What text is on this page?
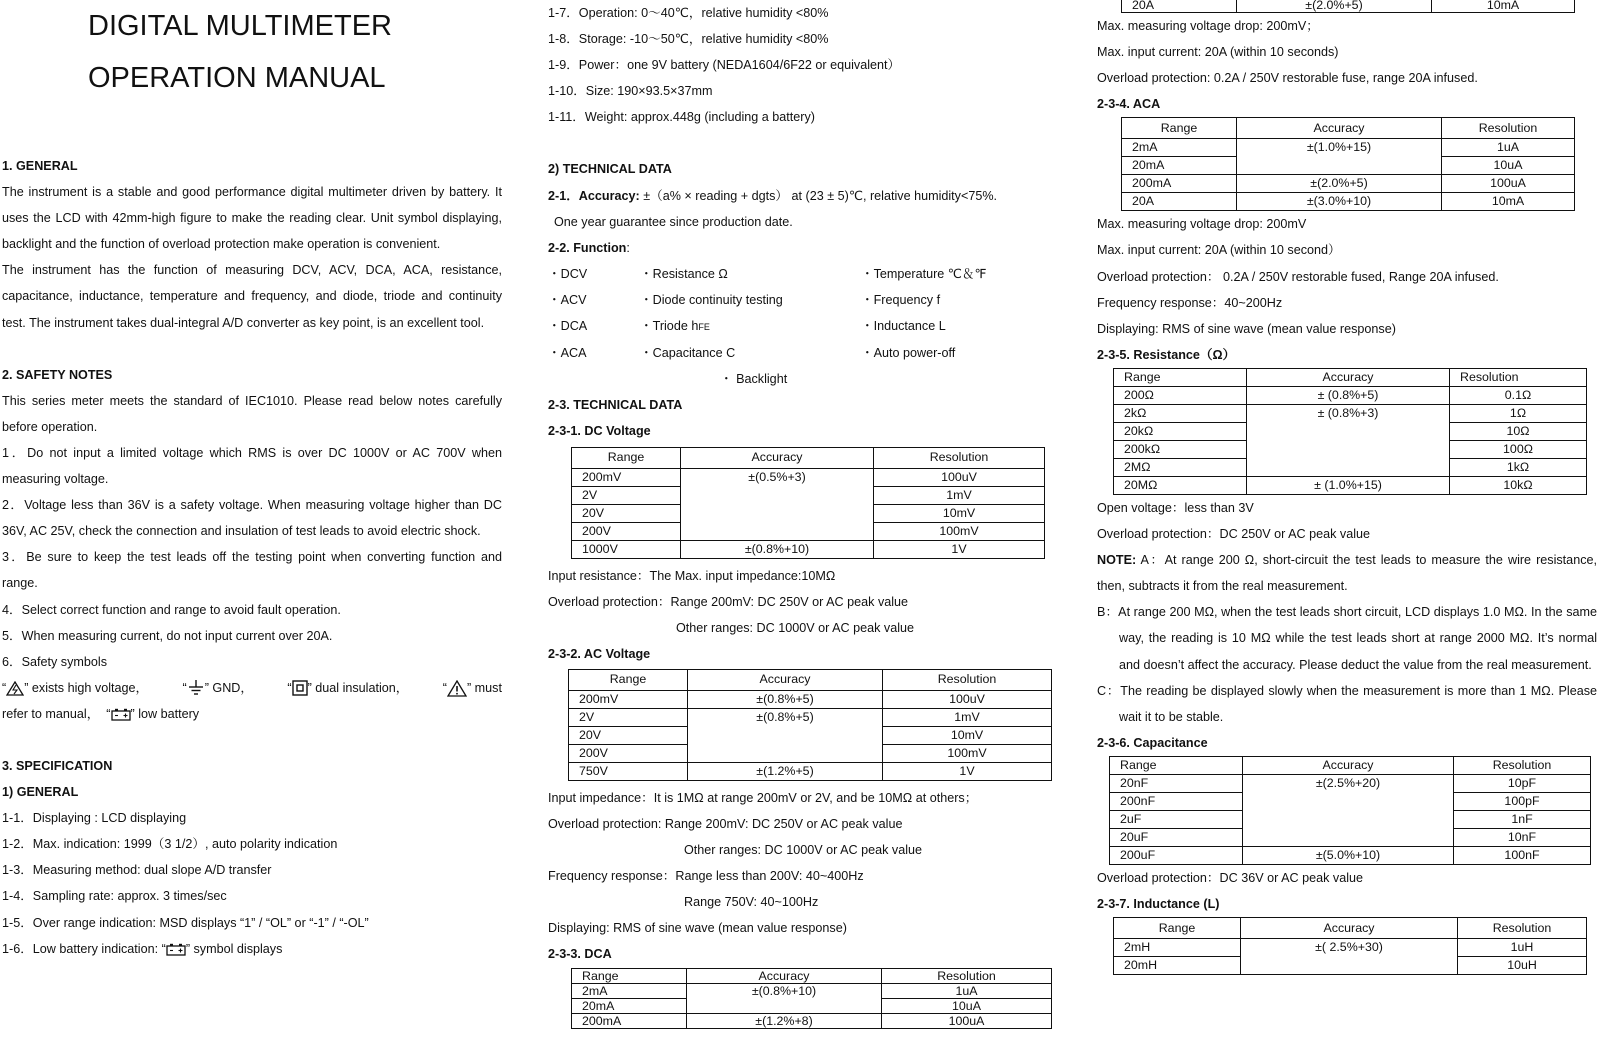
DIGITAL MULTIMETER
OPERATION MANUAL
1. GENERAL
The instrument is a stable and good performance digital multimeter driven by battery. It uses the LCD with 42mm-high figure to make the reading clear. Unit symbol displaying, backlight and the function of overload protection make operation is convenient.
The instrument has the function of measuring DCV, ACV, DCA, ACA, resistance, capacitance, inductance, temperature and frequency, and diode, triode and continuity test. The instrument takes dual-integral A/D converter as key point, is an excellent tool.
2. SAFETY NOTES
This series meter meets the standard of IEC1010. Please read below notes carefully before operation.
1．Do not input a limited voltage which RMS is over DC 1000V or AC 700V when measuring voltage.
2．Voltage less than 36V is a safety voltage. When measuring voltage higher than DC 36V, AC 25V, check the connection and insulation of test leads to avoid electric shock.
3．Be sure to keep the test leads off the testing point when converting function and range.
4．Select correct function and range to avoid fault operation.
5．When measuring current, do not input current over 20A.
6．Safety symbols
“ ” exists high voltage，	“ ” GND，	“ ” dual insulation，	“ ” must
refer to manual，  “ ” low battery
3. SPECIFICATION
1) GENERAL
1-1．Displaying : LCD displaying
1-2．Max. indication: 1999（3 1/2）, auto polarity indication
1-3．Measuring method: dual slope A/D transfer
1-4．Sampling rate: approx. 3 times/sec
1-5．Over range indication: MSD displays “1” / “OL” or “-1” / “-OL”
1-6．Low battery indication: “ ” symbol displays
1-7．Operation: 0～40℃，relative humidity <80%
1-8．Storage: -10～50℃，relative humidity <80%
1-9．Power：one 9V battery (NEDA1604/6F22 or equivalent）
1-10．Size: 190×93.5×37mm
1-11．Weight: approx.448g (including a battery)
2) TECHNICAL DATA
2-1．Accuracy: ±（a% × reading + dgts） at (23 ± 5)℃, relative humidity<75%.
One year guarantee since production date.
2-2. Function:
・DCV	・Resistance Ω	・Temperature ℃＆℉
・ACV	・Diode continuity testing	・Frequency f
・DCA	・Triode hFE	・Inductance L
・ACA	・Capacitance C	・Auto power-off
・ Backlight
2-3. TECHNICAL DATA
2-3-1. DC Voltage
Range	Accuracy	Resolution
200mV	±(0.5%+3)	100uV
2V		1mV
20V		10mV
200V		100mV
1000V	±(0.8%+10)	1V
Input resistance：The Max. input impedance:10MΩ
Overload protection：Range 200mV: DC 250V or AC peak value
Other ranges: DC 1000V or AC peak value
2-3-2. AC Voltage
Range	Accuracy	Resolution
200mV	±(0.8%+5)	100uV
2V	±(0.8%+5)	1mV
20V		10mV
200V		100mV
750V	±(1.2%+5)	1V
Input impedance：It is 1MΩ at range 200mV or 2V, and be 10MΩ at others；
Overload protection: Range 200mV: DC 250V or AC peak value
Other ranges: DC 1000V or AC peak value
Frequency response：Range less than 200V: 40~400Hz
Range 750V: 40~100Hz
Displaying: RMS of sine wave (mean value response)
2-3-3. DCA
Range	Accuracy	Resolution
2mA	±(0.8%+10)	1uA
20mA		10uA
200mA	±(1.2%+8)	100uA
20A	±(2.0%+5)	10mA
Max. measuring voltage drop: 200mV；
Max. input current: 20A (within 10 seconds)
Overload protection: 0.2A / 250V restorable fuse, range 20A infused.
2-3-4. ACA
Range	Accuracy	Resolution
2mA	±(1.0%+15)	1uA
20mA		10uA
200mA	±(2.0%+5)	100uA
20A	±(3.0%+10)	10mA
Max. measuring voltage drop: 200mV
Max. input current: 20A (within 10 second）
Overload protection： 0.2A / 250V restorable fused, Range 20A infused.
Frequency response：40~200Hz
Displaying: RMS of sine wave (mean value response)
2-3-5. Resistance（Ω）
Range	Accuracy	Resolution
200Ω	± (0.8%+5)	0.1Ω
2kΩ	± (0.8%+3)	1Ω
20kΩ		10Ω
200kΩ		100Ω
2MΩ		1kΩ
20MΩ	± (1.0%+15)	10kΩ
Open voltage：less than 3V
Overload protection：DC 250V or AC peak value
NOTE: A：At range 200 Ω, short-circuit the test leads to measure the wire resistance, then, subtracts it from the real measurement.
B：At range 200 MΩ, when the test leads short circuit, LCD displays 1.0 MΩ. In the same way, the reading is 10 MΩ while the test leads short at range 2000 MΩ. It’s normal and doesn’t affect the accuracy. Please deduct the value from the real measurement.
C：The reading be displayed slowly when the measurement is more than 1 MΩ. Please wait it to be stable.
2-3-6. Capacitance
Range	Accuracy	Resolution
20nF	±(2.5%+20)	10pF
200nF		100pF
2uF		1nF
20uF		10nF
200uF	±(5.0%+10)	100nF
Overload protection：DC 36V or AC peak value
2-3-7. Inductance (L)
Range	Accuracy	Resolution
2mH	±( 2.5%+30)	1uH
20mH		10uH
